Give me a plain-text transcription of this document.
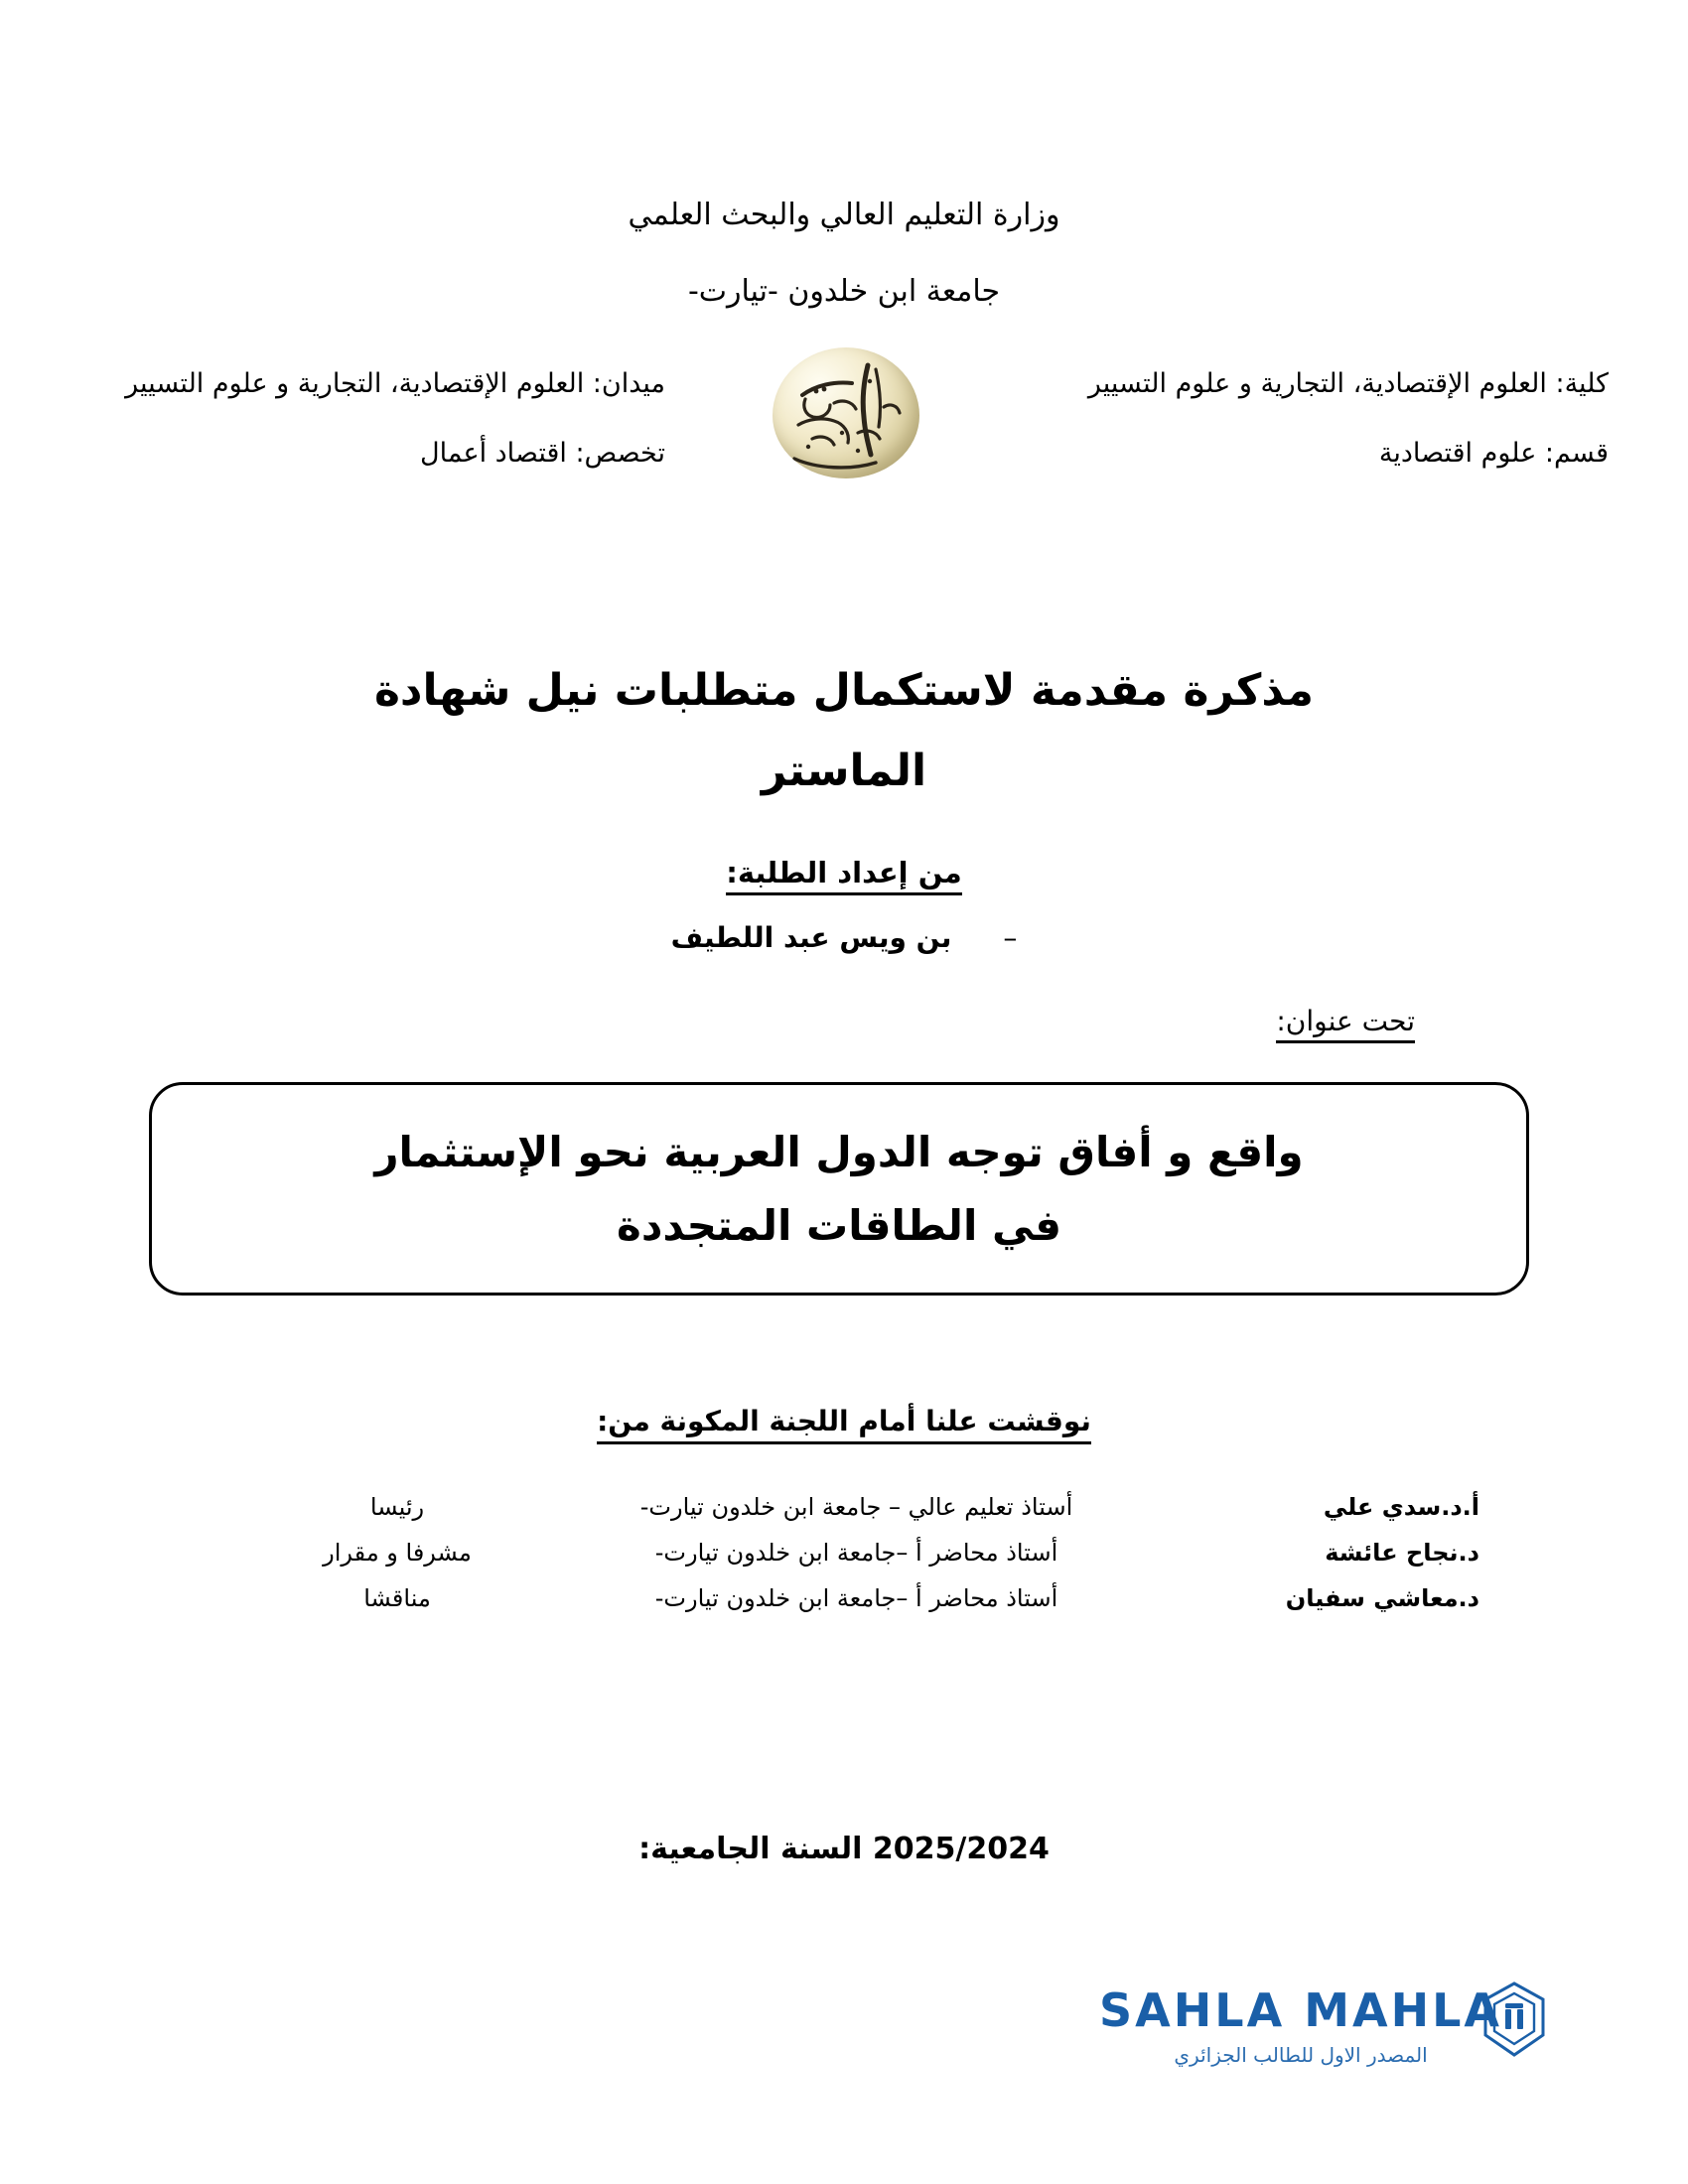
وزارة التعليم العالي والبحث العلمي
جامعة ابن خلدون -تيارت-
كلية: العلوم الإقتصادية، التجارية و علوم التسيير
قسم: علوم اقتصادية
ميدان: العلوم الإقتصادية، التجارية و علوم التسيير
تخصص: اقتصاد أعمال
مذكرة مقدمة لاستكمال متطلبات نيل شهادة
الماستر
من إعداد الطلبة:
–بن ويس عبد اللطيف
تحت عنوان:
واقع و أفاق توجه الدول العربية نحو الإستثمار
في الطاقات المتجددة
نوقشت علنا أمام اللجنة المكونة من:
أ.د.سدي علي	أستاذ تعليم عالي – جامعة ابن خلدون تيارت-	رئيسا
د.نجاح عائشة	أستاذ محاضر أ –جامعة ابن خلدون تيارت-	مشرفا و مقرار
د.معاشي سفيان	أستاذ محاضر أ –جامعة ابن خلدون تيارت-	مناقشا
2025/2024 السنة الجامعية:
SAHLA MAHLA
المصدر الاول للطالب الجزائري
